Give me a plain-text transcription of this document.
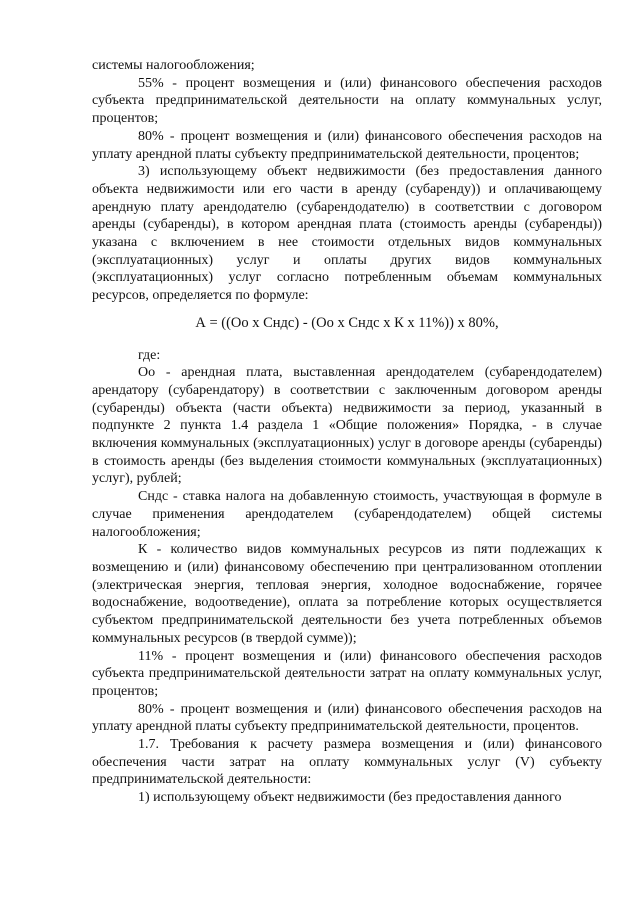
системы налогообложения;

55% - процент возмещения и (или) финансового обеспечения расходов субъекта предпринимательской деятельности на оплату коммунальных услуг, процентов;

80% - процент возмещения и (или) финансового обеспечения расходов на уплату арендной платы субъекту предпринимательской деятельности, процентов;

3) использующему объект недвижимости (без предоставления данного объекта недвижимости или его части в аренду (субаренду)) и оплачивающему арендную плату арендодателю (субарендодателю) в соответствии с договором аренды (субаренды), в котором арендная плата (стоимость аренды (субаренды)) указана с включением в нее стоимости отдельных видов коммунальных (эксплуатационных) услуг и оплаты других видов коммунальных (эксплуатационных) услуг согласно потребленным объемам коммунальных ресурсов, определяется по формуле:

А = ((Оо х Сндс) - (Оо х Сндс х К х 11%)) х 80%,

где:

Оо - арендная плата, выставленная арендодателем (субарендодателем) арендатору (субарендатору) в соответствии с заключенным договором аренды (субаренды) объекта (части объекта) недвижимости за период, указанный в подпункте 2 пункта 1.4 раздела 1 «Общие положения» Порядка, - в случае включения коммунальных (эксплуатационных) услуг в договоре аренды (субаренды) в стоимость аренды (без выделения стоимости коммунальных (эксплуатационных) услуг), рублей;

Сндс - ставка налога на добавленную стоимость, участвующая в формуле в случае применения арендодателем (субарендодателем) общей системы налогообложения;

К - количество видов коммунальных ресурсов из пяти подлежащих к возмещению и (или) финансовому обеспечению при централизованном отоплении (электрическая энергия, тепловая энергия, холодное водоснабжение, горячее водоснабжение, водоотведение), оплата за потребление которых осуществляется субъектом предпринимательской деятельности без учета потребленных объемов коммунальных ресурсов (в твердой сумме));

11% - процент возмещения и (или) финансового обеспечения расходов субъекта предпринимательской деятельности затрат на оплату коммунальных услуг, процентов;

80% - процент возмещения и (или) финансового обеспечения расходов на уплату арендной платы субъекту предпринимательской деятельности, процентов.

1.7. Требования к расчету размера возмещения и (или) финансового обеспечения части затрат на оплату коммунальных услуг (V) субъекту предпринимательской деятельности:

1) использующему объект недвижимости (без предоставления данного
